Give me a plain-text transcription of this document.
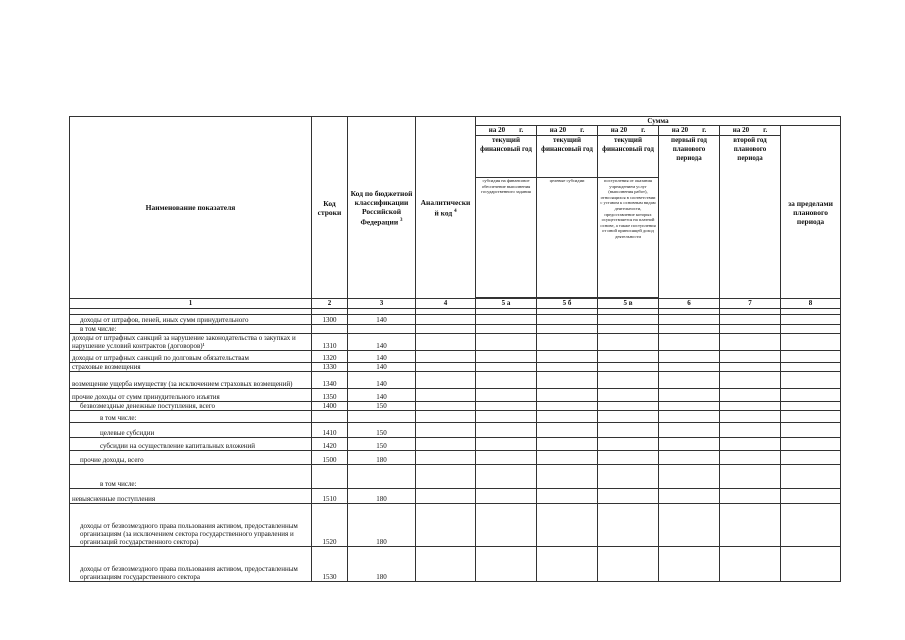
Наименование показателя	Код строки	Код по бюджетной классификации Российской Федерации $^3$	Аналитически й код $^4$	Сумма					
				на 20 г.	на 20 г.	на 20 г.	на 20 г.	на 20 г.	за пределами планового периода
				текущий финансовый год	текущий финансовый год	текущий финансовый год	первый год планового периода	второй год планового периода	
				субсидия на финансовое обеспечение выполнения государственного задания	целевые субсидии	поступления от оказания учреждением услуг (выполнения работ), относящихся в соответствии с уставом к основным видам деятельности, предоставление которых осуществляется на платной основе, а также поступления от иной приносящей доход деятельности			

1	2	3	4	5 а	5 б	5 в	6	7	8

доходы от штрафов, пеней, иных сумм принудительного	1300	140							
в том числе:									
доходы от штрафных санкций за нарушение законодательства о закупках и нарушение условий контрактов (договоров)¹	1310	140							
доходы от штрафных санкций по долговым обязательствам	1320	140							
страховые возмещения	1330	140							
возмещение ущерба имуществу (за исключением страховых возмещений)	1340	140							
прочие доходы от сумм принудительного изъятия	1350	140							
безвозмездные денежные поступления, всего	1400	150							
в том числе:									
целевые субсидии	1410	150							
субсидии на осуществление капитальных вложений	1420	150							
прочие доходы, всего	1500	180							
в том числе:									
невыясненные поступления	1510	180							
доходы от безвозмездного права пользования активом, предоставленным организациям (за исключением сектора государственного управления и организаций государственного сектора)	1520	180							
доходы от безвозмездного права пользования активом, предоставленным организациям государственного сектора	1530	180							
